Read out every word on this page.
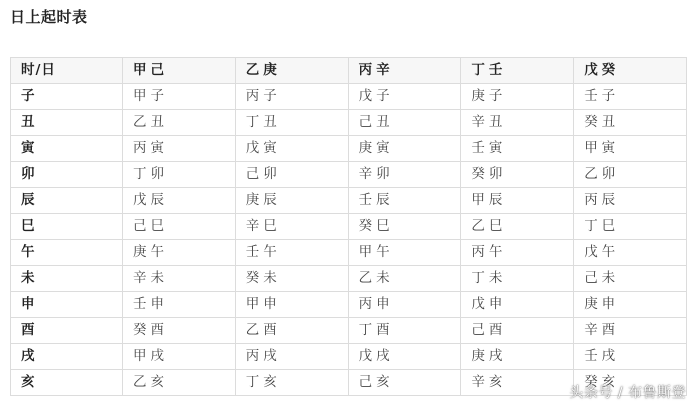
日上起时表
时/日	甲己	乙庚	丙辛	丁壬	戊癸
子	甲子	丙子	戊子	庚子	壬子
丑	乙丑	丁丑	己丑	辛丑	癸丑
寅	丙寅	戊寅	庚寅	壬寅	甲寅
卯	丁卯	己卯	辛卯	癸卯	乙卯
辰	戊辰	庚辰	壬辰	甲辰	丙辰
巳	己巳	辛巳	癸巳	乙巳	丁巳
午	庚午	壬午	甲午	丙午	戊午
未	辛未	癸未	乙未	丁未	己未
申	壬申	甲申	丙申	戊申	庚申
酉	癸酉	乙酉	丁酉	己酉	辛酉
戌	甲戌	丙戌	戊戌	庚戌	壬戌
亥	乙亥	丁亥	己亥	辛亥	癸亥
头条号 / 布鲁斯登
